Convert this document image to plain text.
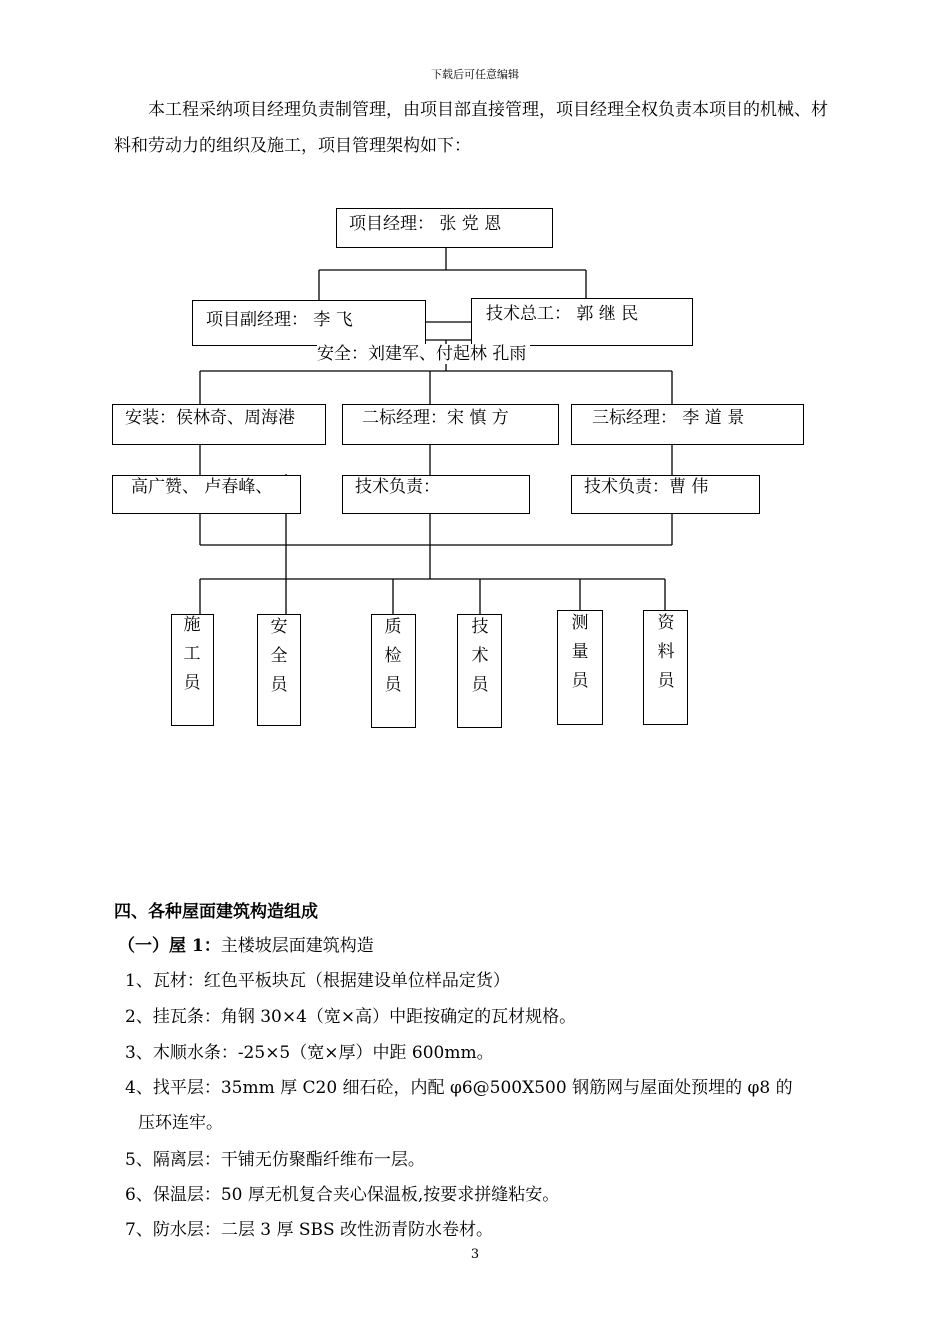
下载后可任意编辑
本工程采纳项目经理负责制管理，由项目部直接管理，项目经理全权负责本项目的机械、材料和劳动力的组织及施工，项目管理架构如下：
项目经理： 张 党 恩
项目副经理： 李 飞	技术总工： 郭 继 民
安全：刘建军、付起林 孔雨
安装：侯林奇、周海港	二标经理：宋 慎 方	三标经理： 李 道 景
高广赞、 卢春峰、	技术负责：	技术负责：曹 伟
施工员
安全员
质检员
技术员
测量员
资料员
四、各种屋面建筑构造组成
（一）屋 1：主楼坡层面建筑构造
1、瓦材：红色平板块瓦（根据建设单位样品定货）
2、挂瓦条：角钢 30×4（宽×高）中距按确定的瓦材规格。
3、木顺水条：-25×5（宽×厚）中距 600mm。
4、找平层：35mm 厚 C20 细石砼，内配 φ6@500X500 钢筋网与屋面处预埋的 φ8 的
压环连牢。
5、隔离层：干铺无仿聚酯纤维布一层。
6、保温层：50 厚无机复合夹心保温板,按要求拼缝粘安。
7、防水层：二层 3 厚 SBS 改性沥青防水卷材。
3
